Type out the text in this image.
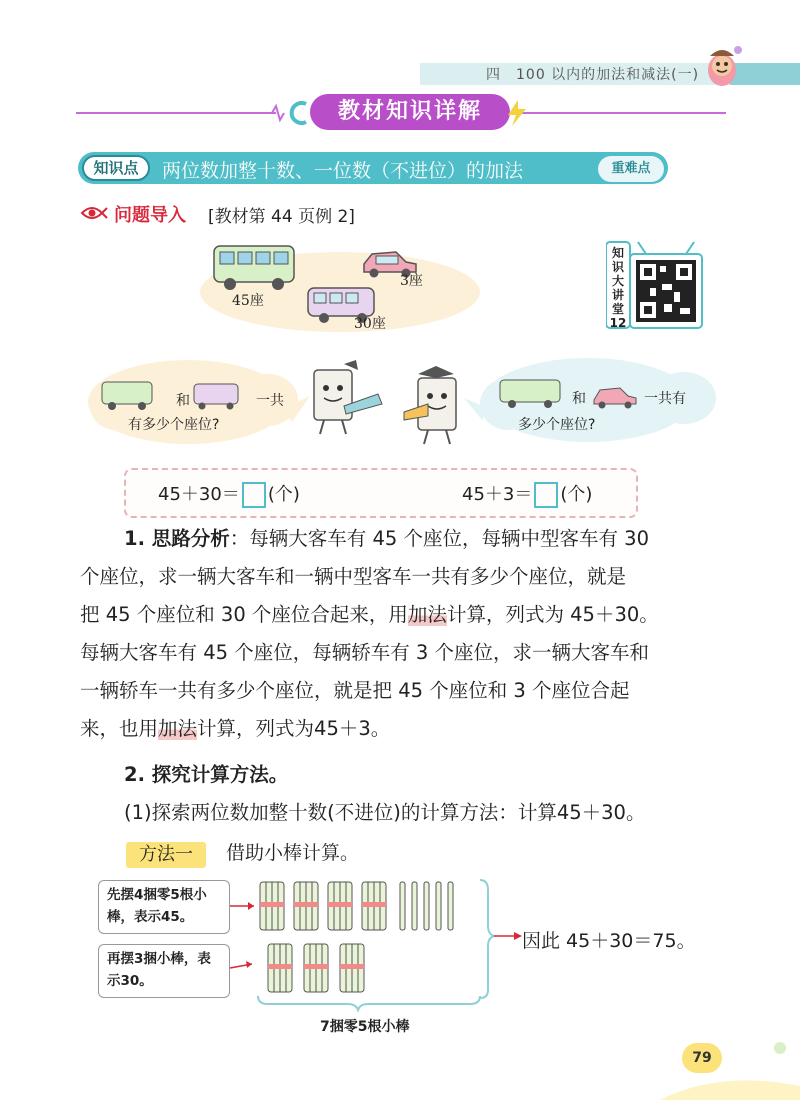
四　100 以内的加法和减法(一)
教材知识详解
知识点	两位数加整十数、一位数（不进位）的加法	重难点
问题导入 [教材第 44 页例 2]
45座
3座
30座
知
识
大
讲
堂
12
和	一共
有多少个座位?
和	一共有
多少个座位?
45＋30＝ (个)	45＋3＝ (个)
1. 思路分析：每辆大客车有 45 个座位，每辆中型客车有 30
个座位，求一辆大客车和一辆中型客车一共有多少个座位，就是
把 45 个座位和 30 个座位合起来，用加法计算，列式为 45＋30。
每辆大客车有 45 个座位，每辆轿车有 3 个座位，求一辆大客车和
一辆轿车一共有多少个座位，就是把 45 个座位和 3 个座位合起
来，也用加法计算，列式为45＋3。
2. 探究计算方法。
(1)探索两位数加整十数(不进位)的计算方法：计算45＋30。
方法一	借助小棒计算。
先摆4捆零5根小棒，表示45。
再摆3捆小棒，表示30。
因此 45＋30＝75。
7捆零5根小棒
79
